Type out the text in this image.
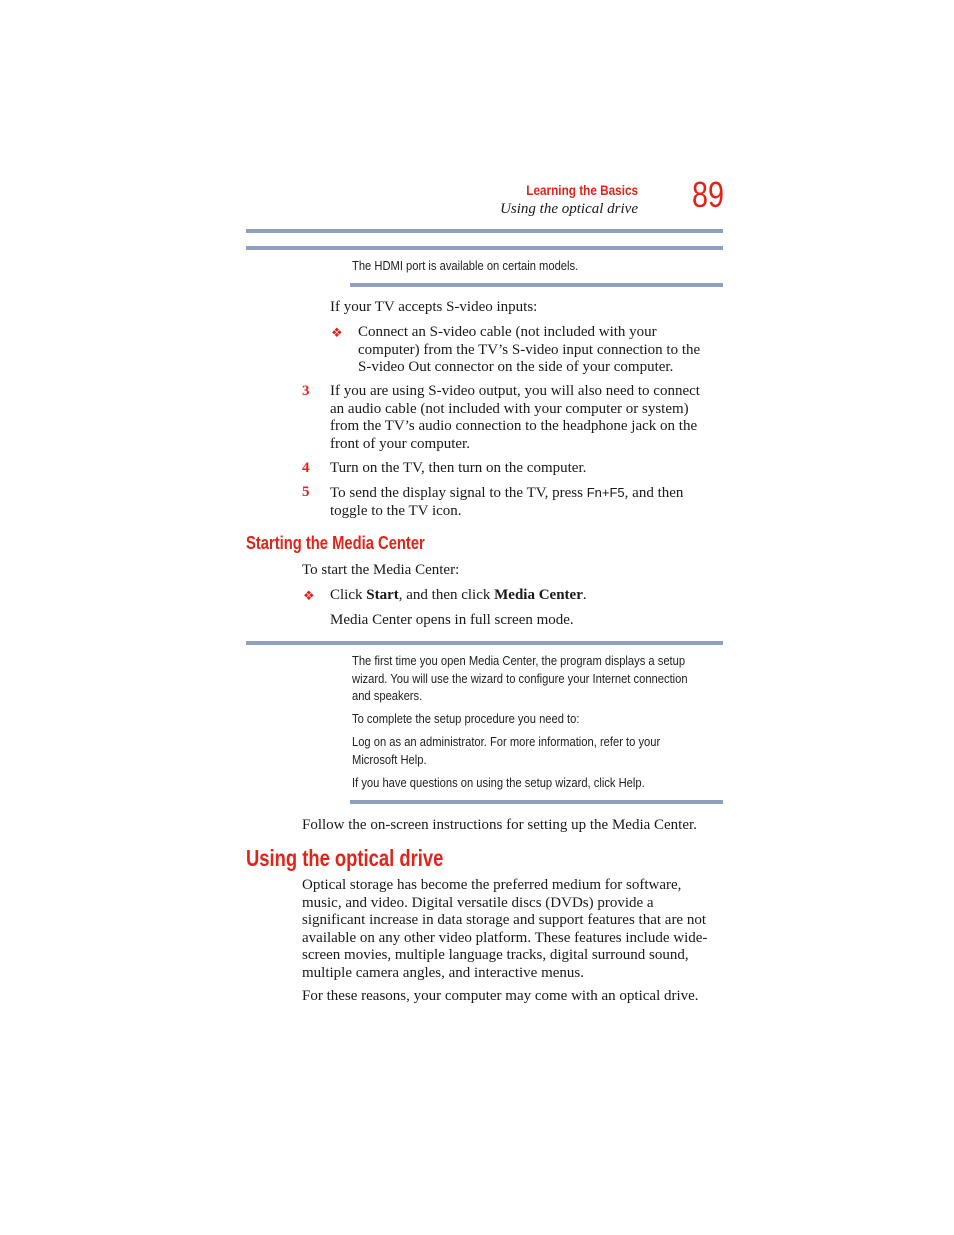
Learning the Basics
Using the optical drive 89
The HDMI port is available on certain models.

If your TV accepts S-video inputs:

❖ Connect an S-video cable (not included with your
computer) from the TV’s S-video input connection to the
S-video Out connector on the side of your computer.
3 If you are using S-video output, you will also need to connect
an audio cable (not included with your computer or system)
from the TV’s audio connection to the headphone jack on the
front of your computer.
4 Turn on the TV, then turn on the computer.

5 To send the display signal to the TV, press Fn+F5, and then
toggle to the TV icon.
Starting the Media Center

To start the Media Center:

❖ Click Start, and then click Media Center.

Media Center opens in full screen mode.

The first time you open Media Center, the program displays a setup
wizard. You will use the wizard to configure your Internet connection
and speakers.
To complete the setup procedure you need to:
Log on as an administrator. For more information, refer to your
Microsoft Help.
If you have questions on using the setup wizard, click Help.

Follow the on-screen instructions for setting up the Media Center.

Using the optical drive
Optical storage has become the preferred medium for software,
music, and video. Digital versatile discs (DVDs) provide a
significant increase in data storage and support features that are not
available on any other video platform. These features include wide-
screen movies, multiple language tracks, digital surround sound,
multiple camera angles, and interactive menus.

For these reasons, your computer may come with an optical drive.
